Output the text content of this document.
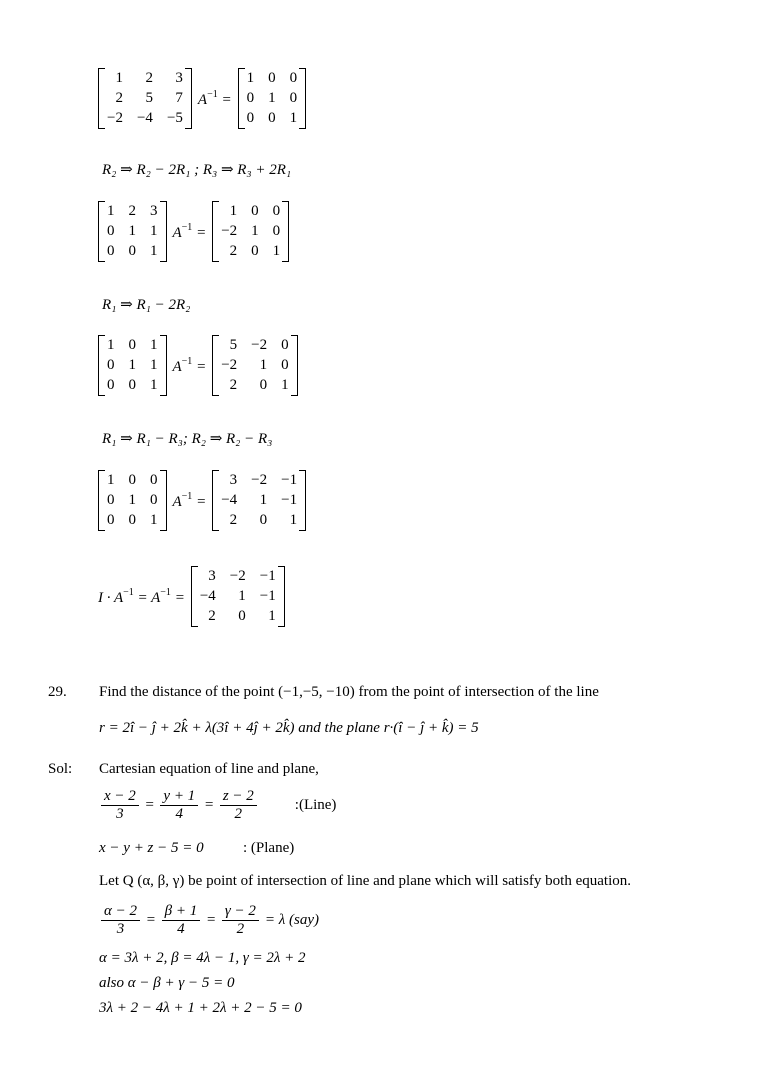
1	2	3
2	5	7
−2 −4 −5
$A^{-1}$ =
1 0 0
0 1 0
0 0 1
R₂ ⇒ R₂ − 2R₁ ; R₃ ⇒ R₃ + 2R₁
1 2 3
0 1 1
0 0 1
$A^{-1}$ =
1 0 0
−2 1 0
2 0 1
R₁ ⇒ R₁ − 2R₂
1 0 1
0 1 1
0 0 1
$A^{-1}$ =
5 −2 0
−2	1 0
2	0 1
R₁ ⇒ R₁ − R₃; R₂ ⇒ R₂ − R₃
1 0 0
0 1 0
0 0 1
$A^{-1}$ =
3 −2 −1
−4	1 −1
2	0	1
$I \cdot A^{-1} = A^{-1}$ =
3 −2 −1
−4	1 −1
2	0	1
29. Find the distance of the point (−1,−5, −10) from the point of intersection of the line
r = 2î − ĵ + 2k̂ + λ(3î + 4ĵ + 2k̂) and the plane r·(î − ĵ + k̂) = 5
Sol: Cartesian equation of line and plane,
$\frac{x - 2}{3} = \frac{y + 1}{4} = \frac{z - 2}{2}$	:(Line)
x − y + z − 5 = 0	: (Plane)
Let Q (α, β, γ) be point of intersection of line and plane which will satisfy both equation.
$\frac{\alpha - 2}{3} = \frac{\beta + 1}{4} = \frac{\gamma - 2}{2} = \lambda$ (say)
α = 3λ + 2, β = 4λ − 1, γ = 2λ + 2
also α − β + γ − 5 = 0
3λ + 2 − 4λ + 1 + 2λ + 2 − 5 = 0
